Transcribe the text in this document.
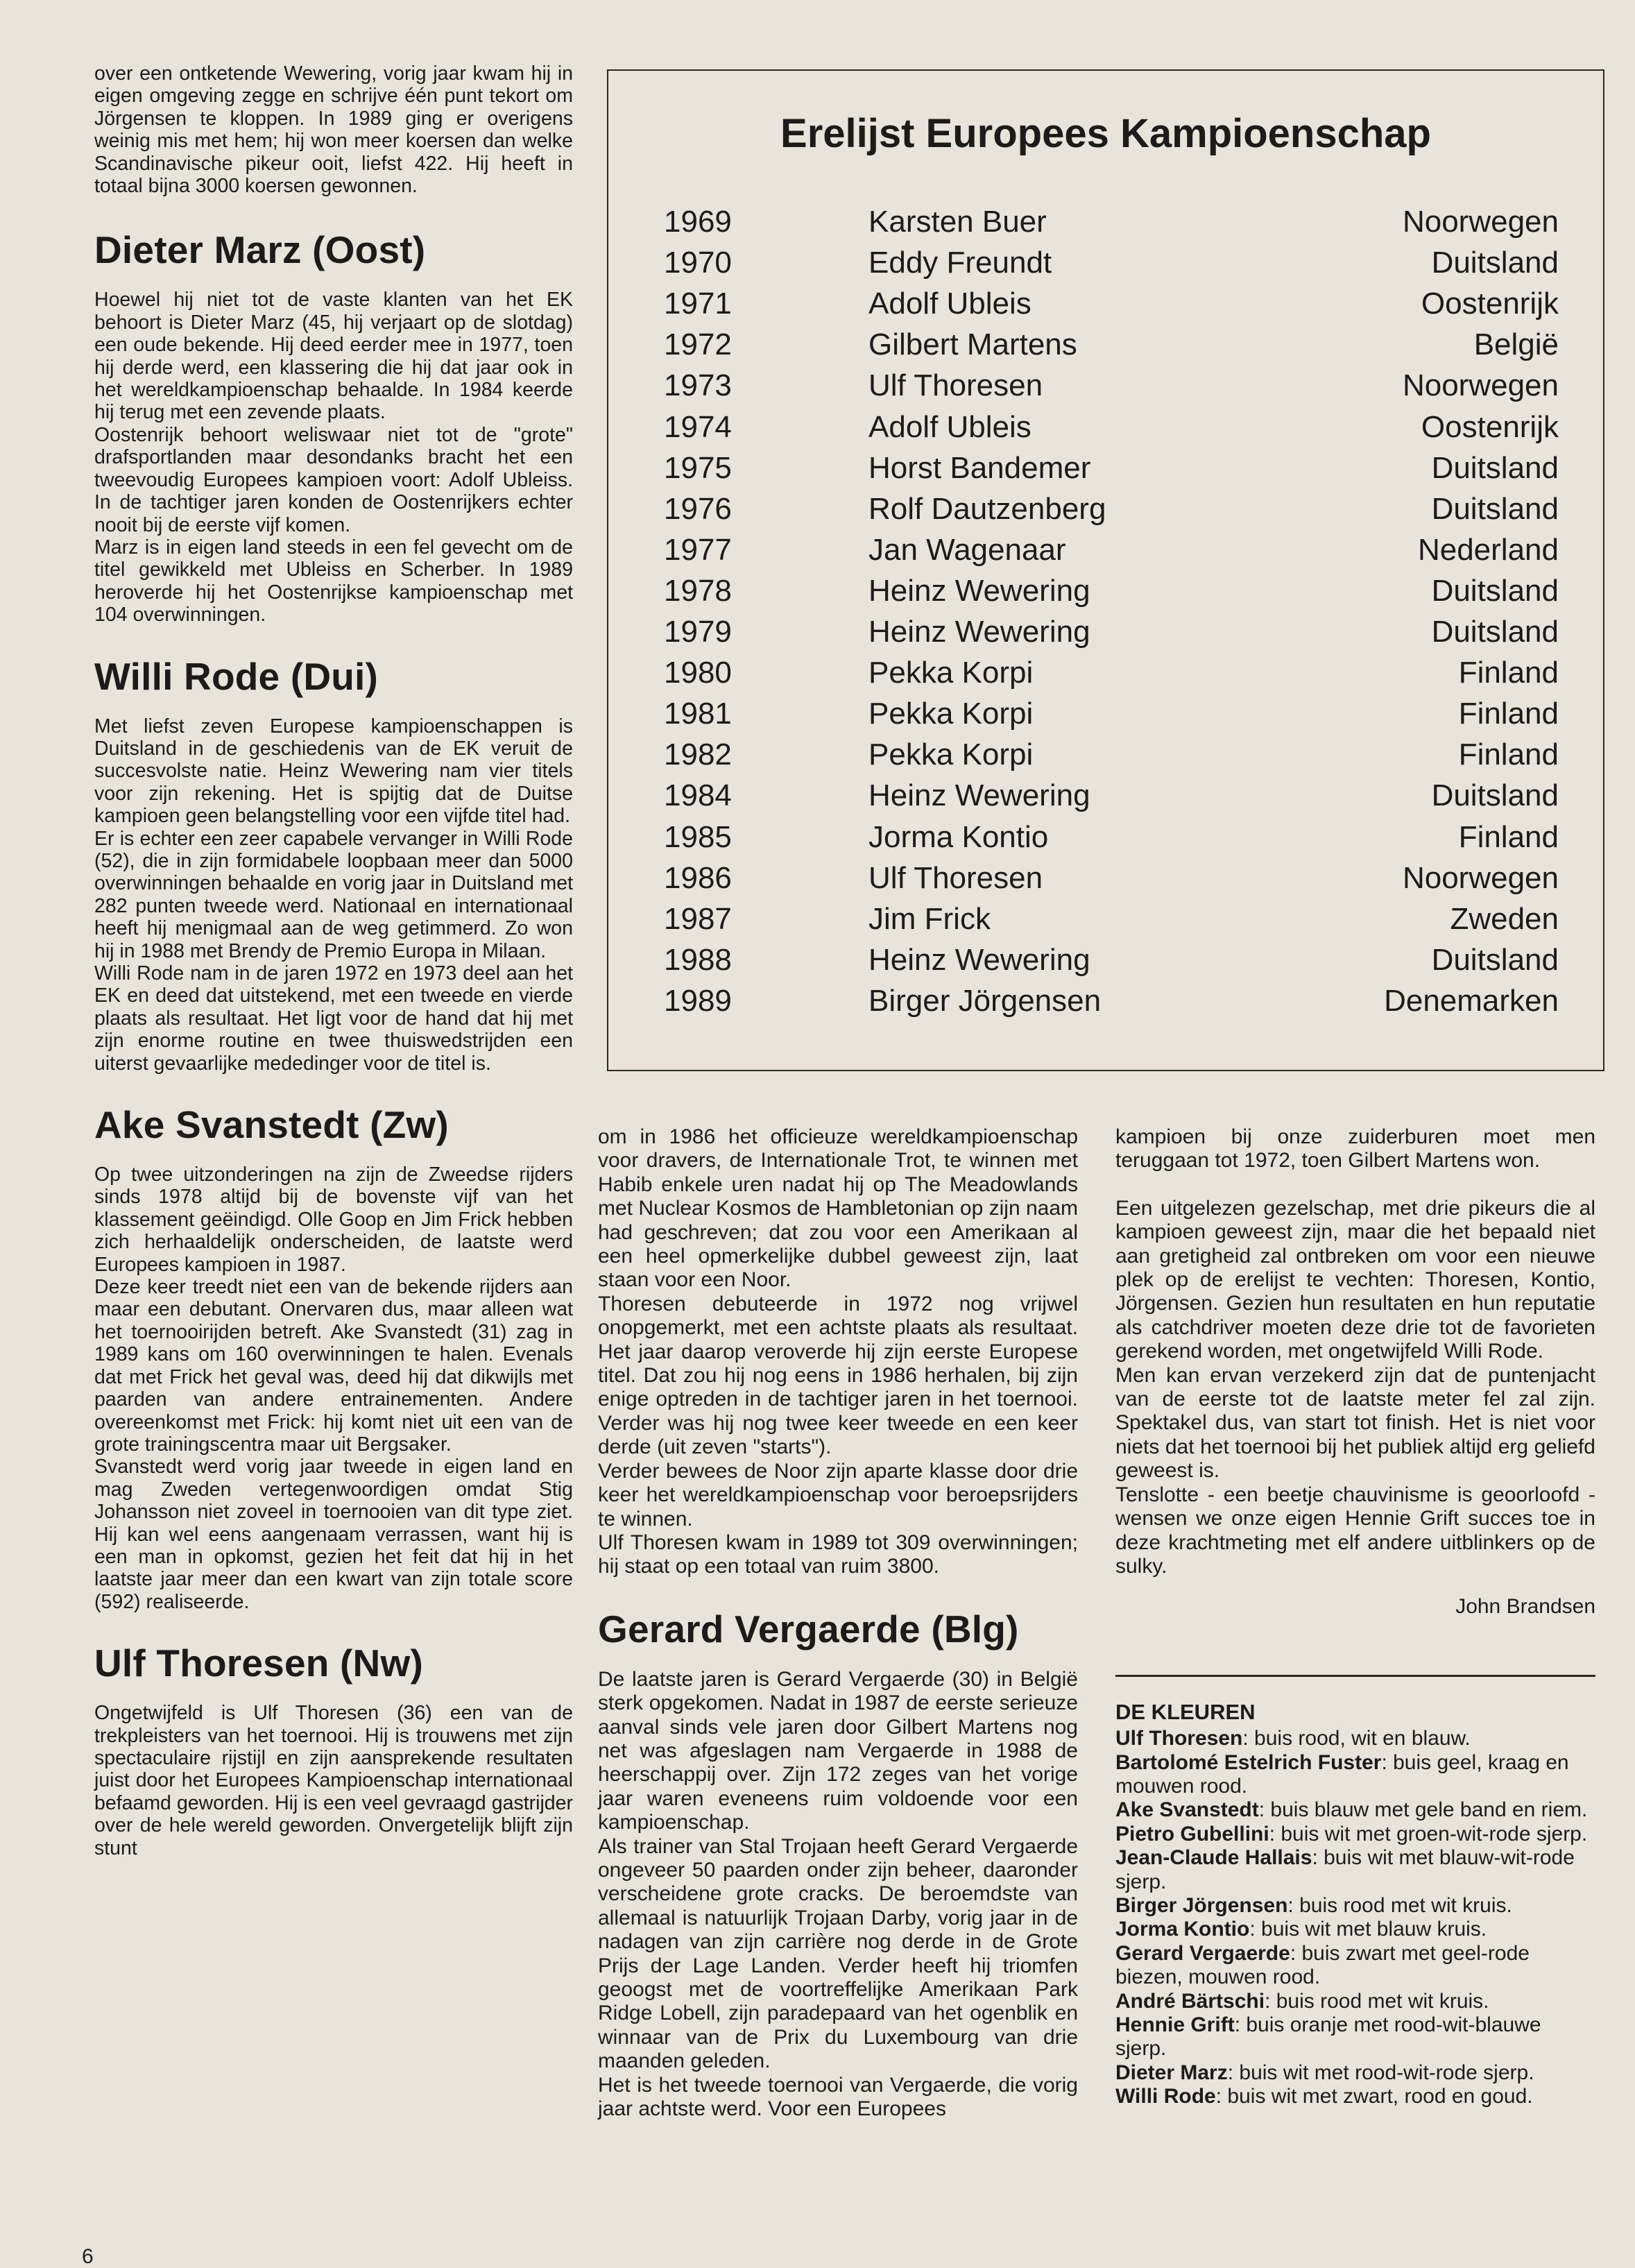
over een ontketende Wewering, vorig jaar kwam hij in eigen omgeving zegge en schrijve één punt tekort om Jörgensen te kloppen. In 1989 ging er overigens weinig mis met hem; hij won meer koersen dan welke Scandinavische pikeur ooit, liefst 422. Hij heeft in totaal bijna 3000 koersen gewonnen.

Dieter Marz (Oost)

Hoewel hij niet tot de vaste klanten van het EK behoort is Dieter Marz (45, hij verjaart op de slotdag) een oude bekende. Hij deed eerder mee in 1977, toen hij derde werd, een klassering die hij dat jaar ook in het wereldkampioenschap behaalde. In 1984 keerde hij terug met een zevende plaats.

Oostenrijk behoort weliswaar niet tot de "grote" drafsportlanden maar desondanks bracht het een tweevoudig Europees kampioen voort: Adolf Ubleiss. In de tachtiger jaren konden de Oostenrijkers echter nooit bij de eerste vijf komen.

Marz is in eigen land steeds in een fel gevecht om de titel gewikkeld met Ubleiss en Scherber. In 1989 heroverde hij het Oostenrijkse kampioenschap met 104 overwinningen.

Willi Rode (Dui)

Met liefst zeven Europese kampioenschappen is Duitsland in de geschiedenis van de EK veruit de succesvolste natie. Heinz Wewering nam vier titels voor zijn rekening. Het is spijtig dat de Duitse kampioen geen belangstelling voor een vijfde titel had.

Er is echter een zeer capabele vervanger in Willi Rode (52), die in zijn formidabele loopbaan meer dan 5000 overwinningen behaalde en vorig jaar in Duitsland met 282 punten tweede werd. Nationaal en internationaal heeft hij menigmaal aan de weg getimmerd. Zo won hij in 1988 met Brendy de Premio Europa in Milaan.

Willi Rode nam in de jaren 1972 en 1973 deel aan het EK en deed dat uitstekend, met een tweede en vierde plaats als resultaat. Het ligt voor de hand dat hij met zijn enorme routine en twee thuiswedstrijden een uiterst gevaarlijke mededinger voor de titel is.

Ake Svanstedt (Zw)

Op twee uitzonderingen na zijn de Zweedse rijders sinds 1978 altijd bij de bovenste vijf van het klassement geëindigd. Olle Goop en Jim Frick hebben zich herhaaldelijk onderscheiden, de laatste werd Europees kampioen in 1987.

Deze keer treedt niet een van de bekende rijders aan maar een debutant. Onervaren dus, maar alleen wat het toernooirijden betreft. Ake Svanstedt (31) zag in 1989 kans om 160 overwinningen te halen. Evenals dat met Frick het geval was, deed hij dat dikwijls met paarden van andere entrainementen. Andere overeenkomst met Frick: hij komt niet uit een van de grote trainingscentra maar uit Bergsaker.

Svanstedt werd vorig jaar tweede in eigen land en mag Zweden vertegenwoordigen omdat Stig Johansson niet zoveel in toernooien van dit type ziet. Hij kan wel eens aangenaam verrassen, want hij is een man in opkomst, gezien het feit dat hij in het laatste jaar meer dan een kwart van zijn totale score (592) realiseerde.

Ulf Thoresen (Nw)

Ongetwijfeld is Ulf Thoresen (36) een van de trekpleisters van het toernooi. Hij is trouwens met zijn spectaculaire rijstijl en zijn aansprekende resultaten juist door het Europees Kampioenschap internationaal befaamd geworden. Hij is een veel gevraagd gastrijder over de hele wereld geworden. Onvergetelijk blijft zijn stunt

Erelijst Europees Kampioenschap
1969	Karsten Buer	Noorwegen
1970	Eddy Freundt	Duitsland
1971	Adolf Ubleis	Oostenrijk
1972	Gilbert Martens	België
1973	Ulf Thoresen	Noorwegen
1974	Adolf Ubleis	Oostenrijk
1975	Horst Bandemer	Duitsland
1976	Rolf Dautzenberg	Duitsland
1977	Jan Wagenaar	Nederland
1978	Heinz Wewering	Duitsland
1979	Heinz Wewering	Duitsland
1980	Pekka Korpi	Finland
1981	Pekka Korpi	Finland
1982	Pekka Korpi	Finland
1984	Heinz Wewering	Duitsland
1985	Jorma Kontio	Finland
1986	Ulf Thoresen	Noorwegen
1987	Jim Frick	Zweden
1988	Heinz Wewering	Duitsland
1989	Birger Jörgensen	Denemarken

om in 1986 het officieuze wereldkampioenschap voor dravers, de Internationale Trot, te winnen met Habib enkele uren nadat hij op The Meadowlands met Nuclear Kosmos de Hambletonian op zijn naam had geschreven; dat zou voor een Amerikaan al een heel opmerkelijke dubbel geweest zijn, laat staan voor een Noor.

Thoresen debuteerde in 1972 nog vrijwel onopgemerkt, met een achtste plaats als resultaat. Het jaar daarop veroverde hij zijn eerste Europese titel. Dat zou hij nog eens in 1986 herhalen, bij zijn enige optreden in de tachtiger jaren in het toernooi. Verder was hij nog twee keer tweede en een keer derde (uit zeven "starts").

Verder bewees de Noor zijn aparte klasse door drie keer het wereldkampioenschap voor beroepsrijders te winnen.

Ulf Thoresen kwam in 1989 tot 309 overwinningen; hij staat op een totaal van ruim 3800.

Gerard Vergaerde (Blg)

De laatste jaren is Gerard Vergaerde (30) in België sterk opgekomen. Nadat in 1987 de eerste serieuze aanval sinds vele jaren door Gilbert Martens nog net was afgeslagen nam Vergaerde in 1988 de heerschappij over. Zijn 172 zeges van het vorige jaar waren eveneens ruim voldoende voor een kampioenschap.

Als trainer van Stal Trojaan heeft Gerard Vergaerde ongeveer 50 paarden onder zijn beheer, daaronder verscheidene grote cracks. De beroemdste van allemaal is natuurlijk Trojaan Darby, vorig jaar in de nadagen van zijn carrière nog derde in de Grote Prijs der Lage Landen. Verder heeft hij triomfen geoogst met de voortreffelijke Amerikaan Park Ridge Lobell, zijn paradepaard van het ogenblik en winnaar van de Prix du Luxembourg van drie maanden geleden.

Het is het tweede toernooi van Vergaerde, die vorig jaar achtste werd. Voor een Europees

kampioen bij onze zuiderburen moet men teruggaan tot 1972, toen Gilbert Martens won.

Een uitgelezen gezelschap, met drie pikeurs die al kampioen geweest zijn, maar die het bepaald niet aan gretigheid zal ontbreken om voor een nieuwe plek op de erelijst te vechten: Thoresen, Kontio, Jörgensen. Gezien hun resultaten en hun reputatie als catchdriver moeten deze drie tot de favorieten gerekend worden, met ongetwijfeld Willi Rode.

Men kan ervan verzekerd zijn dat de puntenjacht van de eerste tot de laatste meter fel zal zijn. Spektakel dus, van start tot finish. Het is niet voor niets dat het toernooi bij het publiek altijd erg geliefd geweest is.

Tenslotte - een beetje chauvinisme is geoorloofd - wensen we onze eigen Hennie Grift succes toe in deze krachtmeting met elf andere uitblinkers op de sulky.

John Brandsen

DE KLEUREN

Ulf Thoresen: buis rood, wit en blauw.

Bartolomé Estelrich Fuster: buis geel, kraag en mouwen rood.

Ake Svanstedt: buis blauw met gele band en riem.

Pietro Gubellini: buis wit met groen-wit-rode sjerp.

Jean-Claude Hallais: buis wit met blauw-wit-rode sjerp.

Birger Jörgensen: buis rood met wit kruis.

Jorma Kontio: buis wit met blauw kruis.

Gerard Vergaerde: buis zwart met geel-rode biezen, mouwen rood.

André Bärtschi: buis rood met wit kruis.

Hennie Grift: buis oranje met rood-wit-blauwe sjerp.

Dieter Marz: buis wit met rood-wit-rode sjerp.

Willi Rode: buis wit met zwart, rood en goud.

6
